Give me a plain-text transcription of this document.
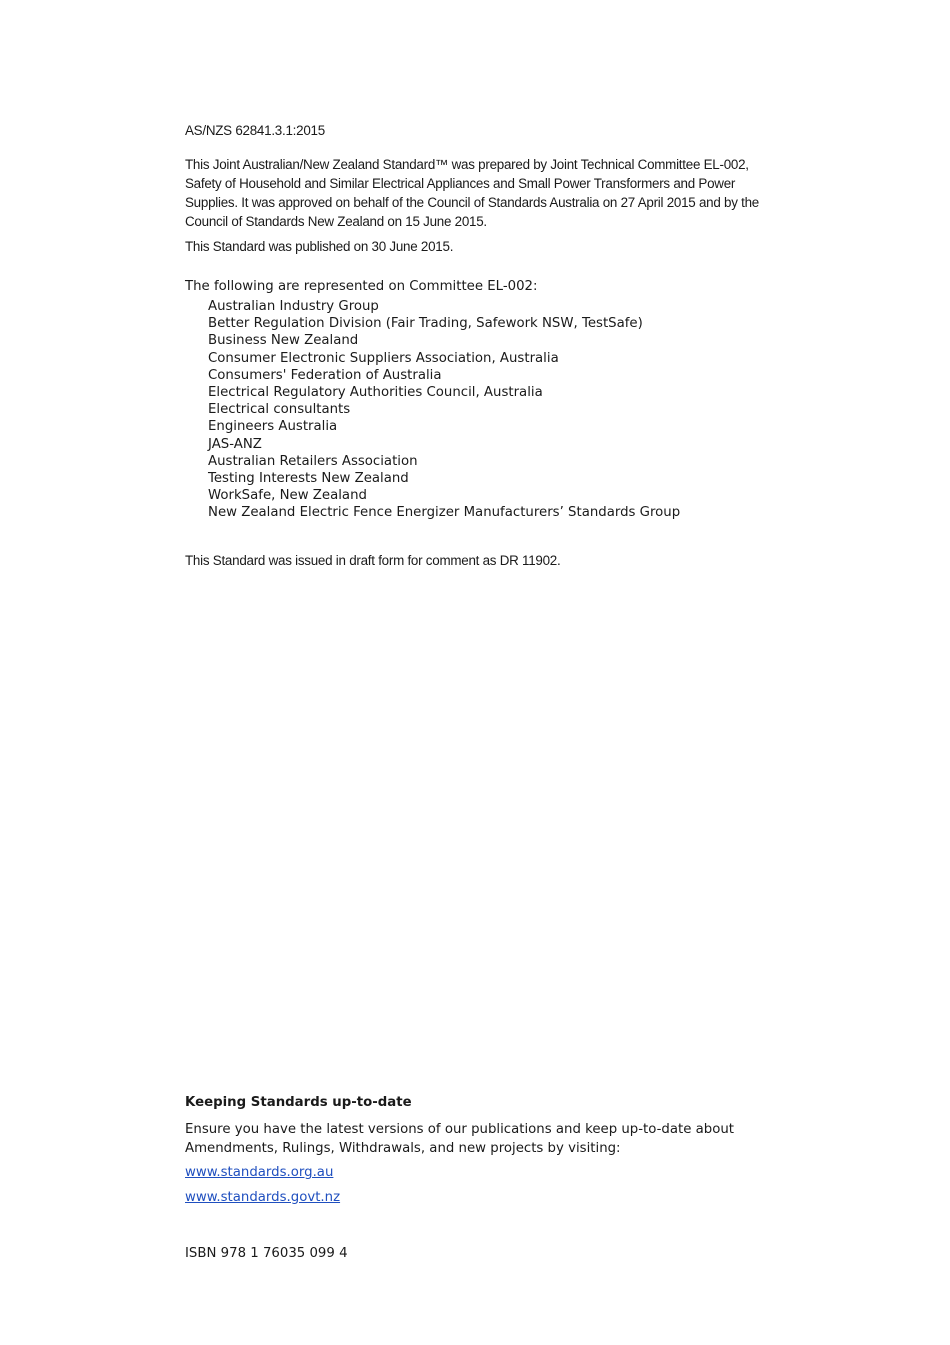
AS/NZS 62841.3.1:2015

This Joint Australian/New Zealand Standard™ was prepared by Joint Technical Committee EL-002, Safety of Household and Similar Electrical Appliances and Small Power Transformers and Power Supplies. It was approved on behalf of the Council of Standards Australia on 27 April 2015 and by the Council of Standards New Zealand on 15 June 2015.

This Standard was published on 30 June 2015.

The following are represented on Committee EL-002:

Australian Industry Group
Better Regulation Division (Fair Trading, Safework NSW, TestSafe)
Business New Zealand
Consumer Electronic Suppliers Association, Australia
Consumers' Federation of Australia
Electrical Regulatory Authorities Council, Australia
Electrical consultants
Engineers Australia
JAS-ANZ
Australian Retailers Association
Testing Interests New Zealand
WorkSafe, New Zealand
New Zealand Electric Fence Energizer Manufacturers’ Standards Group

This Standard was issued in draft form for comment as DR 11902.

Keeping Standards up-to-date

Ensure you have the latest versions of our publications and keep up-to-date about Amendments, Rulings, Withdrawals, and new projects by visiting:

www.standards.org.au
www.standards.govt.nz

ISBN 978 1 76035 099 4
